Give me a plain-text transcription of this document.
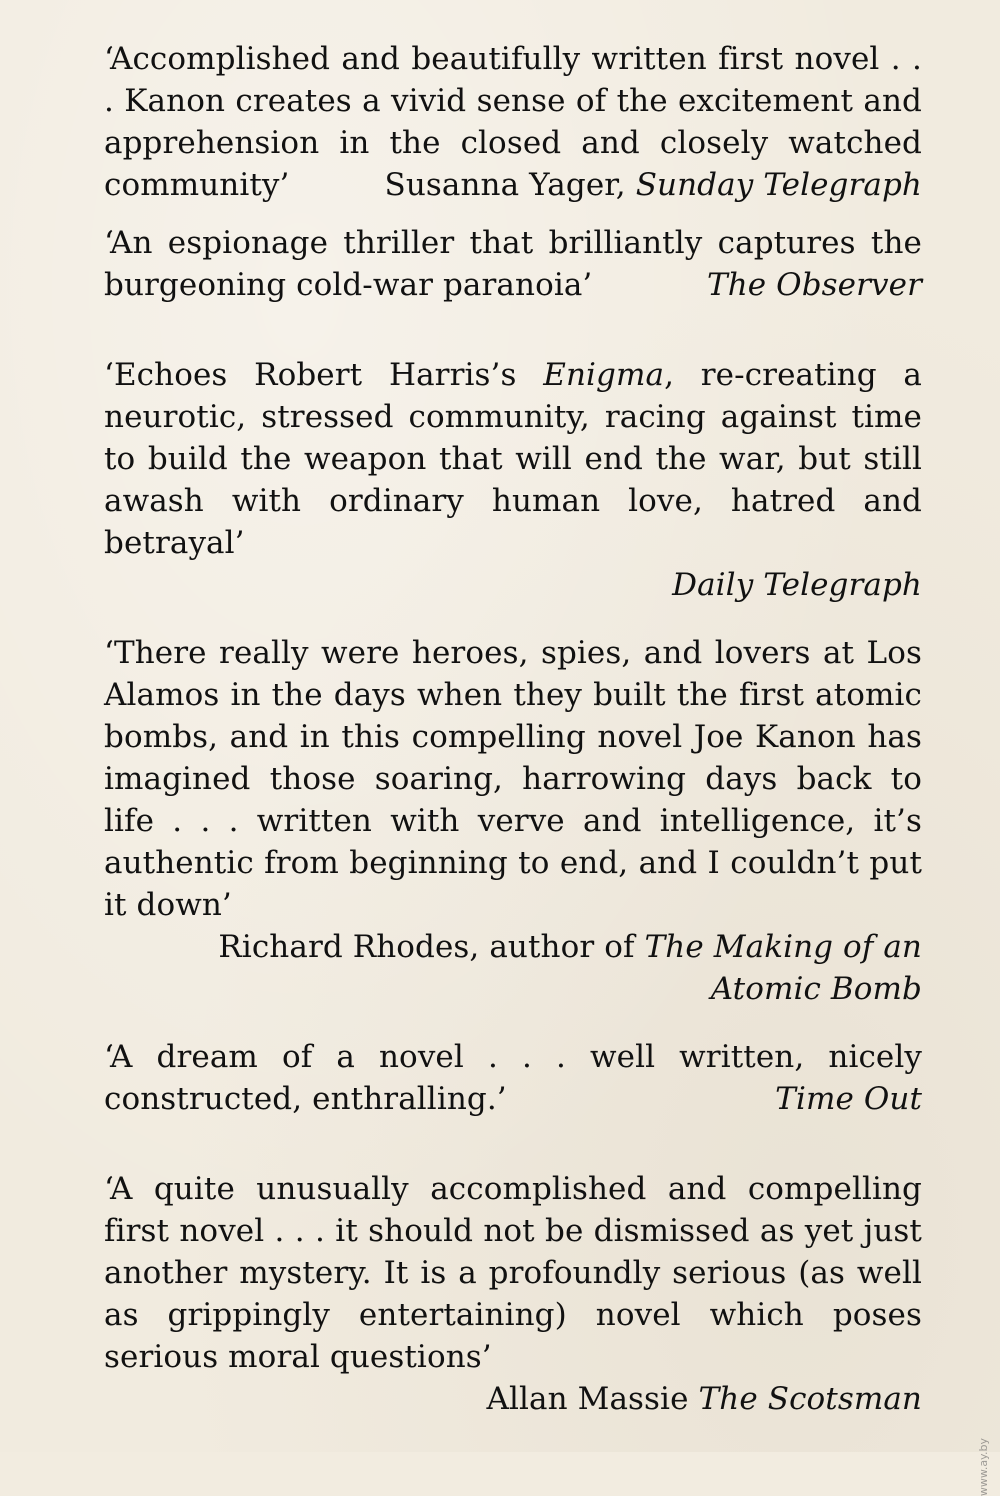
‘Accomplished and beautifully written first novel . . . Kanon creates a vivid sense of the excitement and apprehension in the closed and closely watched community’	Susanna Yager, Sunday Telegraph
‘An espionage thriller that brilliantly captures the burgeoning cold-war paranoia’	The Observer
‘Echoes Robert Harris’s Enigma, re-creating a neurotic, stressed community, racing against time to build the weapon that will end the war, but still awash with ordinary human love, hatred and betrayal’
Daily Telegraph
‘There really were heroes, spies, and lovers at Los Alamos in the days when they built the first atomic bombs, and in this compelling novel Joe Kanon has imagined those soaring, harrowing days back to life . . . written with verve and intelligence, it’s authentic from beginning to end, and I couldn’t put it down’
Richard Rhodes, author of The Making of an
Atomic Bomb
‘A dream of a novel . . . well written, nicely constructed, enthralling.’	Time Out
‘A quite unusually accomplished and compelling first novel . . . it should not be dismissed as yet just another mystery. It is a profoundly serious (as well as grippingly entertaining) novel which poses serious moral questions’
Allan Massie The Scotsman
www.ay.by
